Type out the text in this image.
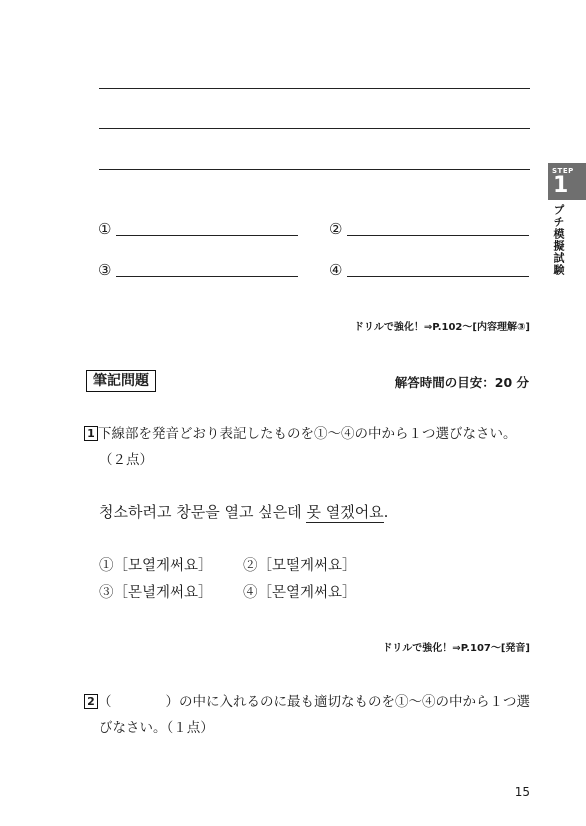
①	②
③	④
ドリルで強化！⇒P.102〜[内容理解③]
STEP
1
プチ模擬試験
筆記問題	解答時間の目安：20 分
1 下線部を発音どおり表記したものを①〜④の中から１つ選びなさい。
（２点）
청소하려고 창문을 열고 싶은데 못 열겠어요.
①［모열게써요］ ②［모떨게써요］
③［몬녈게써요］ ④［몬열게써요］
ドリルで強化！⇒P.107〜[発音]
2 （　　　　）の中に入れるのに最も適切なものを①〜④の中から１つ選
びなさい。（１点）
15
